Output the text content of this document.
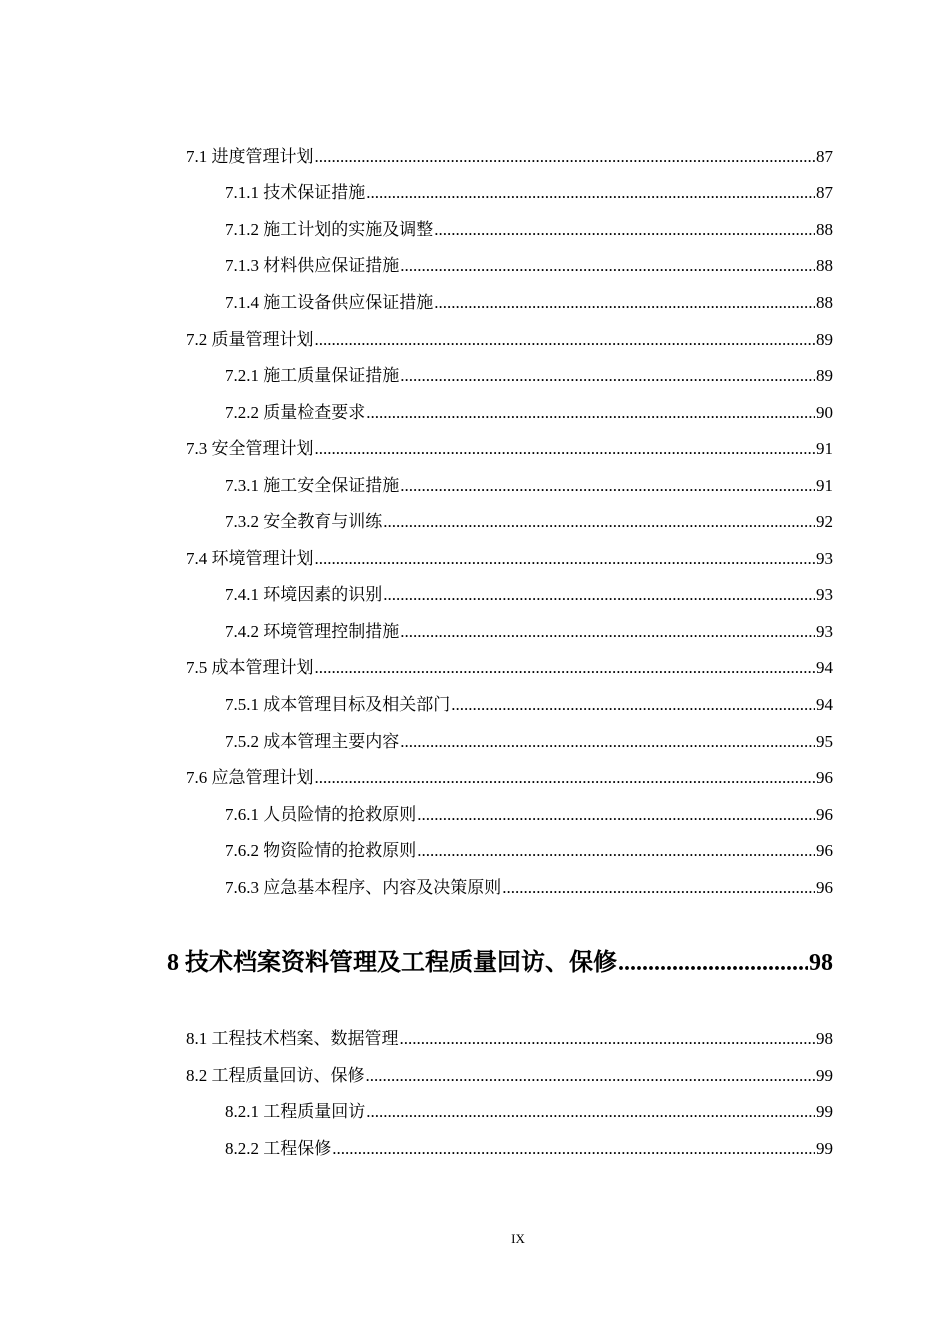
7.1 进度管理计划 .....	87
7.1.1 技术保证措施 .....	87
7.1.2 施工计划的实施及调整 .....	88
7.1.3 材料供应保证措施 .....	88
7.1.4 施工设备供应保证措施 .....	88
7.2 质量管理计划 .....	89
7.2.1 施工质量保证措施 .....	89
7.2.2 质量检查要求 .....	90
7.3 安全管理计划 .....	91
7.3.1 施工安全保证措施 .....	91
7.3.2 安全教育与训练 .....	92
7.4 环境管理计划 .....	93
7.4.1 环境因素的识别 .....	93
7.4.2 环境管理控制措施 .....	93
7.5 成本管理计划 .....	94
7.5.1 成本管理目标及相关部门 .....	94
7.5.2 成本管理主要内容 .....	95
7.6 应急管理计划 .....	96
7.6.1 人员险情的抢救原则 .....	96
7.6.2 物资险情的抢救原则 .....	96
7.6.3 应急基本程序、内容及决策原则 .....	96
8 技术档案资料管理及工程质量回访、保修 .....	98
8.1 工程技术档案、数据管理 .....	98
8.2 工程质量回访、保修 .....	99
8.2.1 工程质量回访 .....	99
8.2.2 工程保修 .....	99
IX
